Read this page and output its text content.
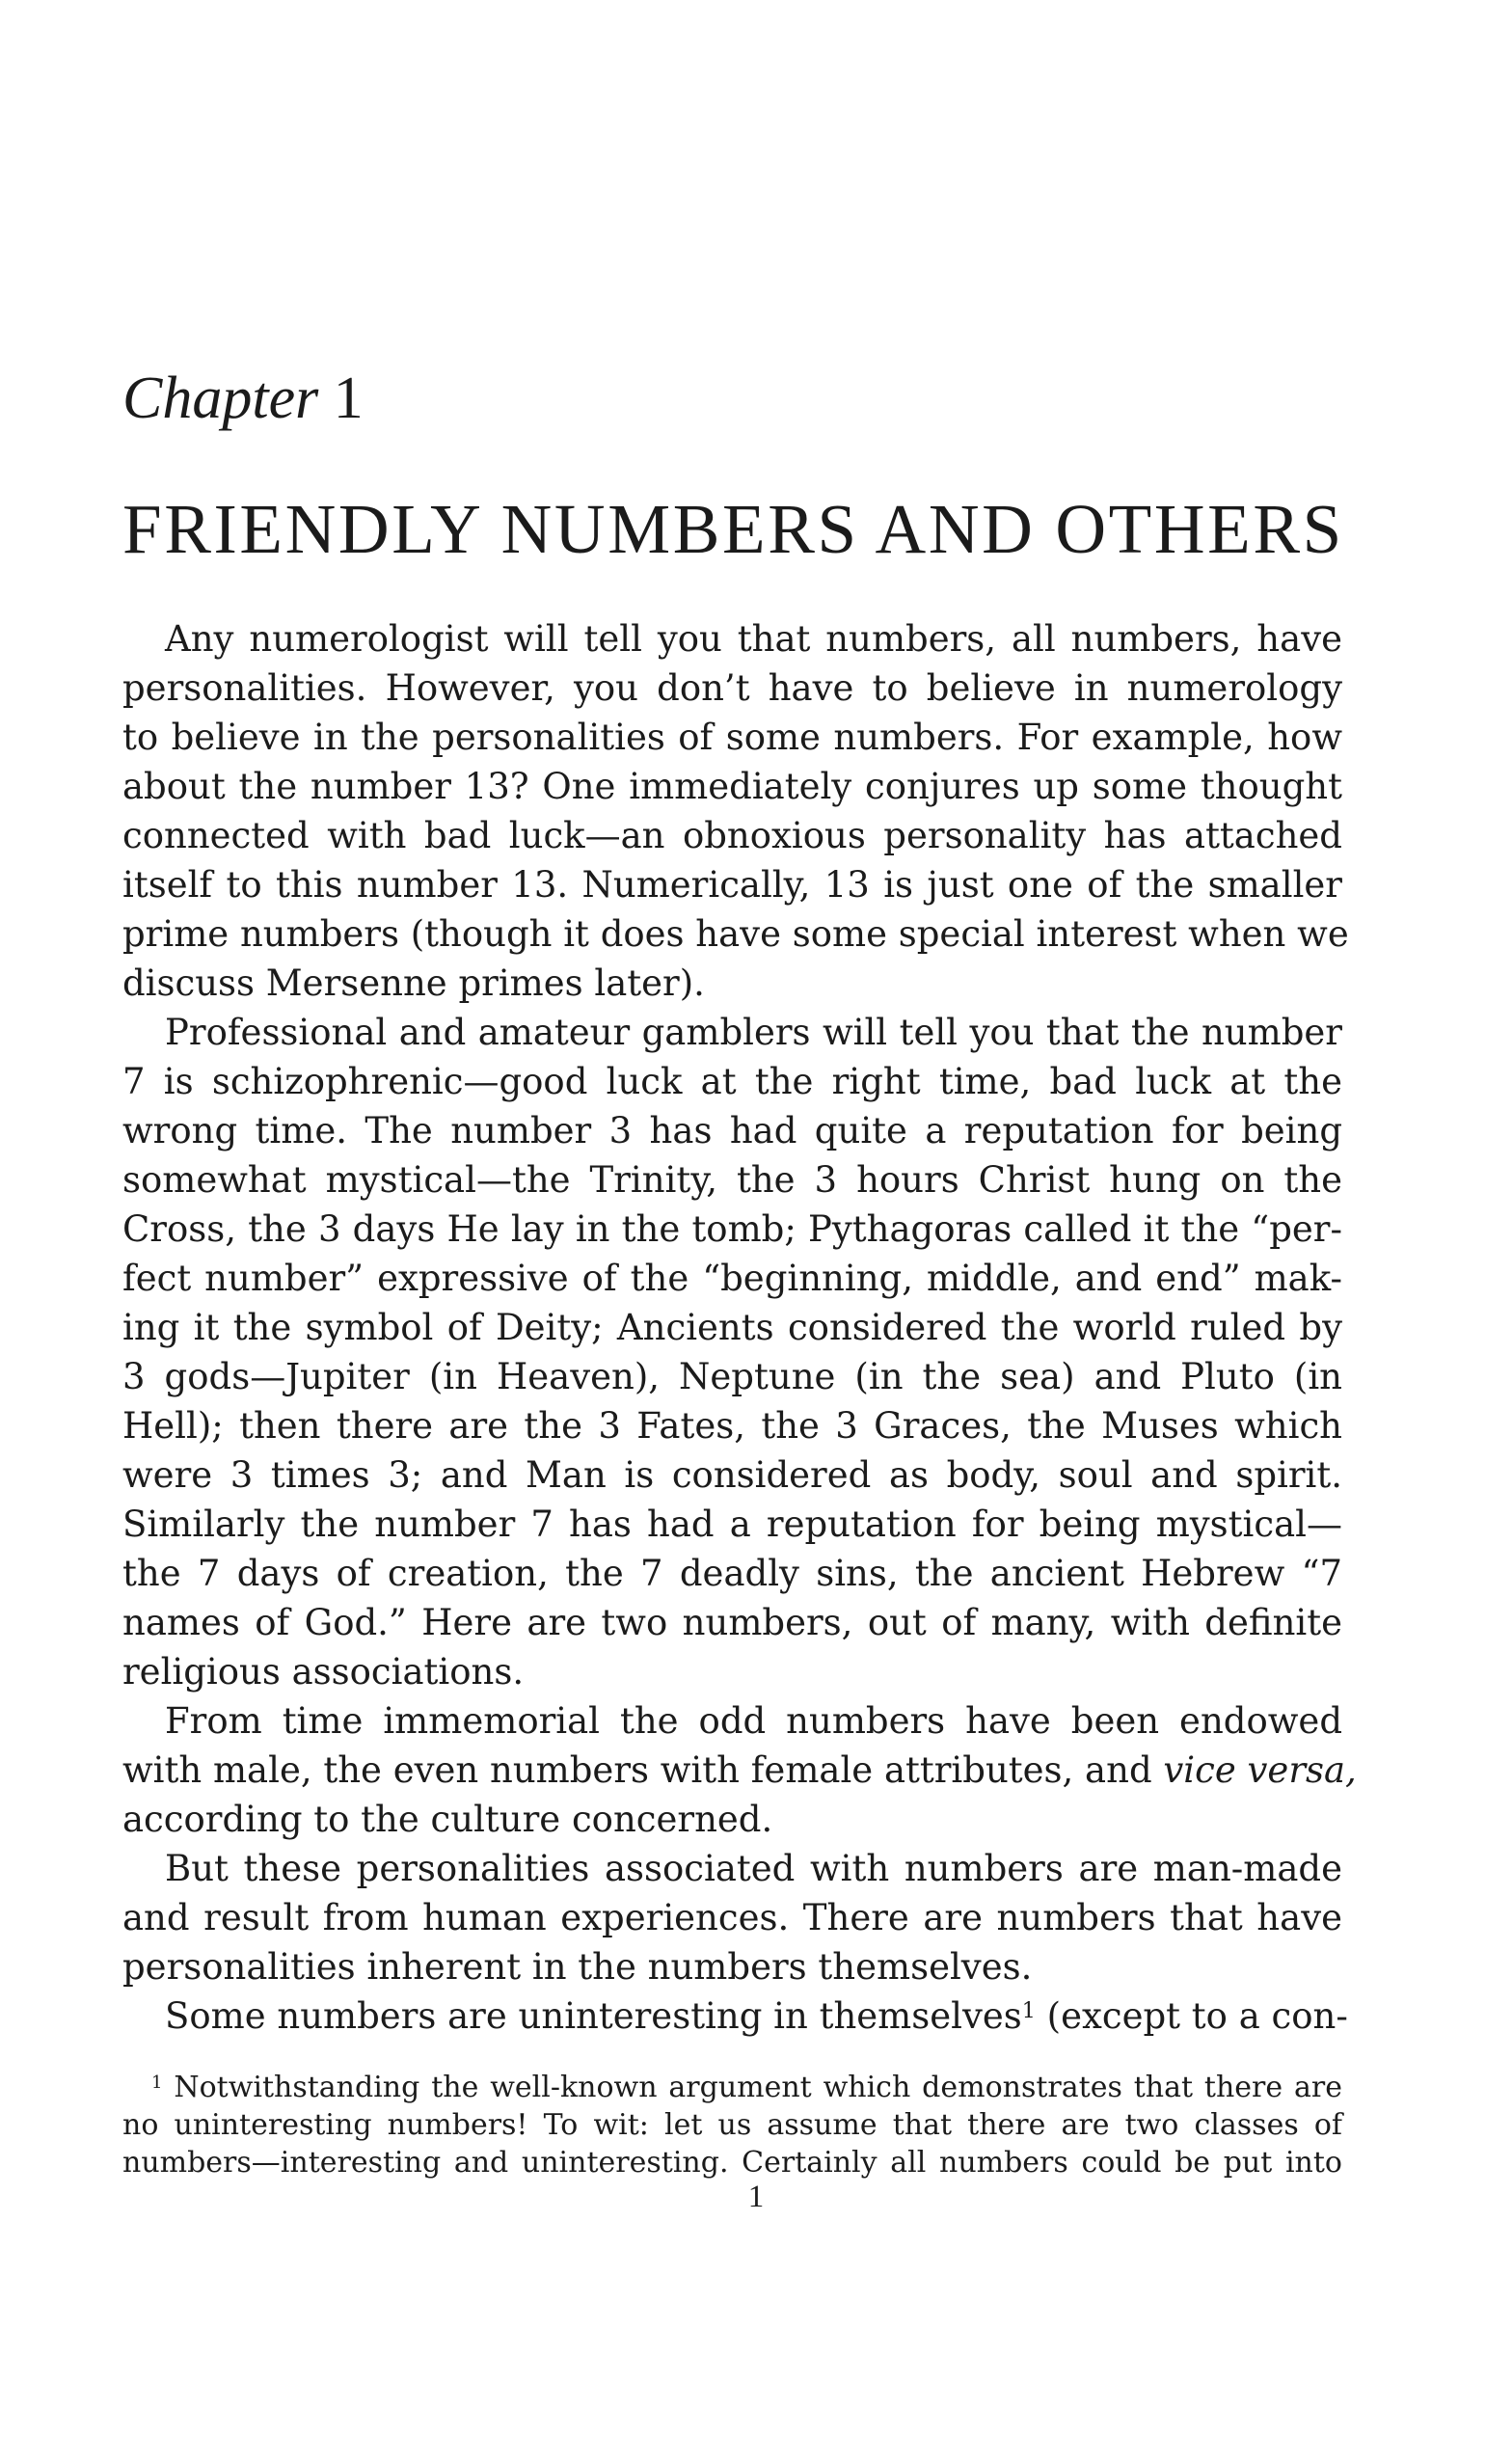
Chapter 1
FRIENDLY NUMBERS AND OTHERS
Any numerologist will tell you that numbers, all numbers, have
personalities. However, you don’t have to believe in numerology
to believe in the personalities of some numbers. For example, how
about the number 13? One immediately conjures up some thought
connected with bad luck—an obnoxious personality has attached
itself to this number 13. Numerically, 13 is just one of the smaller
prime numbers (though it does have some special interest when we
discuss Mersenne primes later).
Professional and amateur gamblers will tell you that the number
7 is schizophrenic—good luck at the right time, bad luck at the
wrong time. The number 3 has had quite a reputation for being
somewhat mystical—the Trinity, the 3 hours Christ hung on the
Cross, the 3 days He lay in the tomb; Pythagoras called it the “per-
fect number” expressive of the “beginning, middle, and end” mak-
ing it the symbol of Deity; Ancients considered the world ruled by
3 gods—Jupiter (in Heaven), Neptune (in the sea) and Pluto (in
Hell); then there are the 3 Fates, the 3 Graces, the Muses which
were 3 times 3; and Man is considered as body, soul and spirit.
Similarly the number 7 has had a reputation for being mystical—
the 7 days of creation, the 7 deadly sins, the ancient Hebrew “7
names of God.” Here are two numbers, out of many, with definite
religious associations.
From time immemorial the odd numbers have been endowed
with male, the even numbers with female attributes, and vice versa,
according to the culture concerned.
But these personalities associated with numbers are man-made
and result from human experiences. There are numbers that have
personalities inherent in the numbers themselves.
Some numbers are uninteresting in themselves$^1$ (except to a con-
$^1$ Notwithstanding the well-known argument which demonstrates that there are
no uninteresting numbers! To wit: let us assume that there are two classes of
numbers—interesting and uninteresting. Certainly all numbers could be put into
1
